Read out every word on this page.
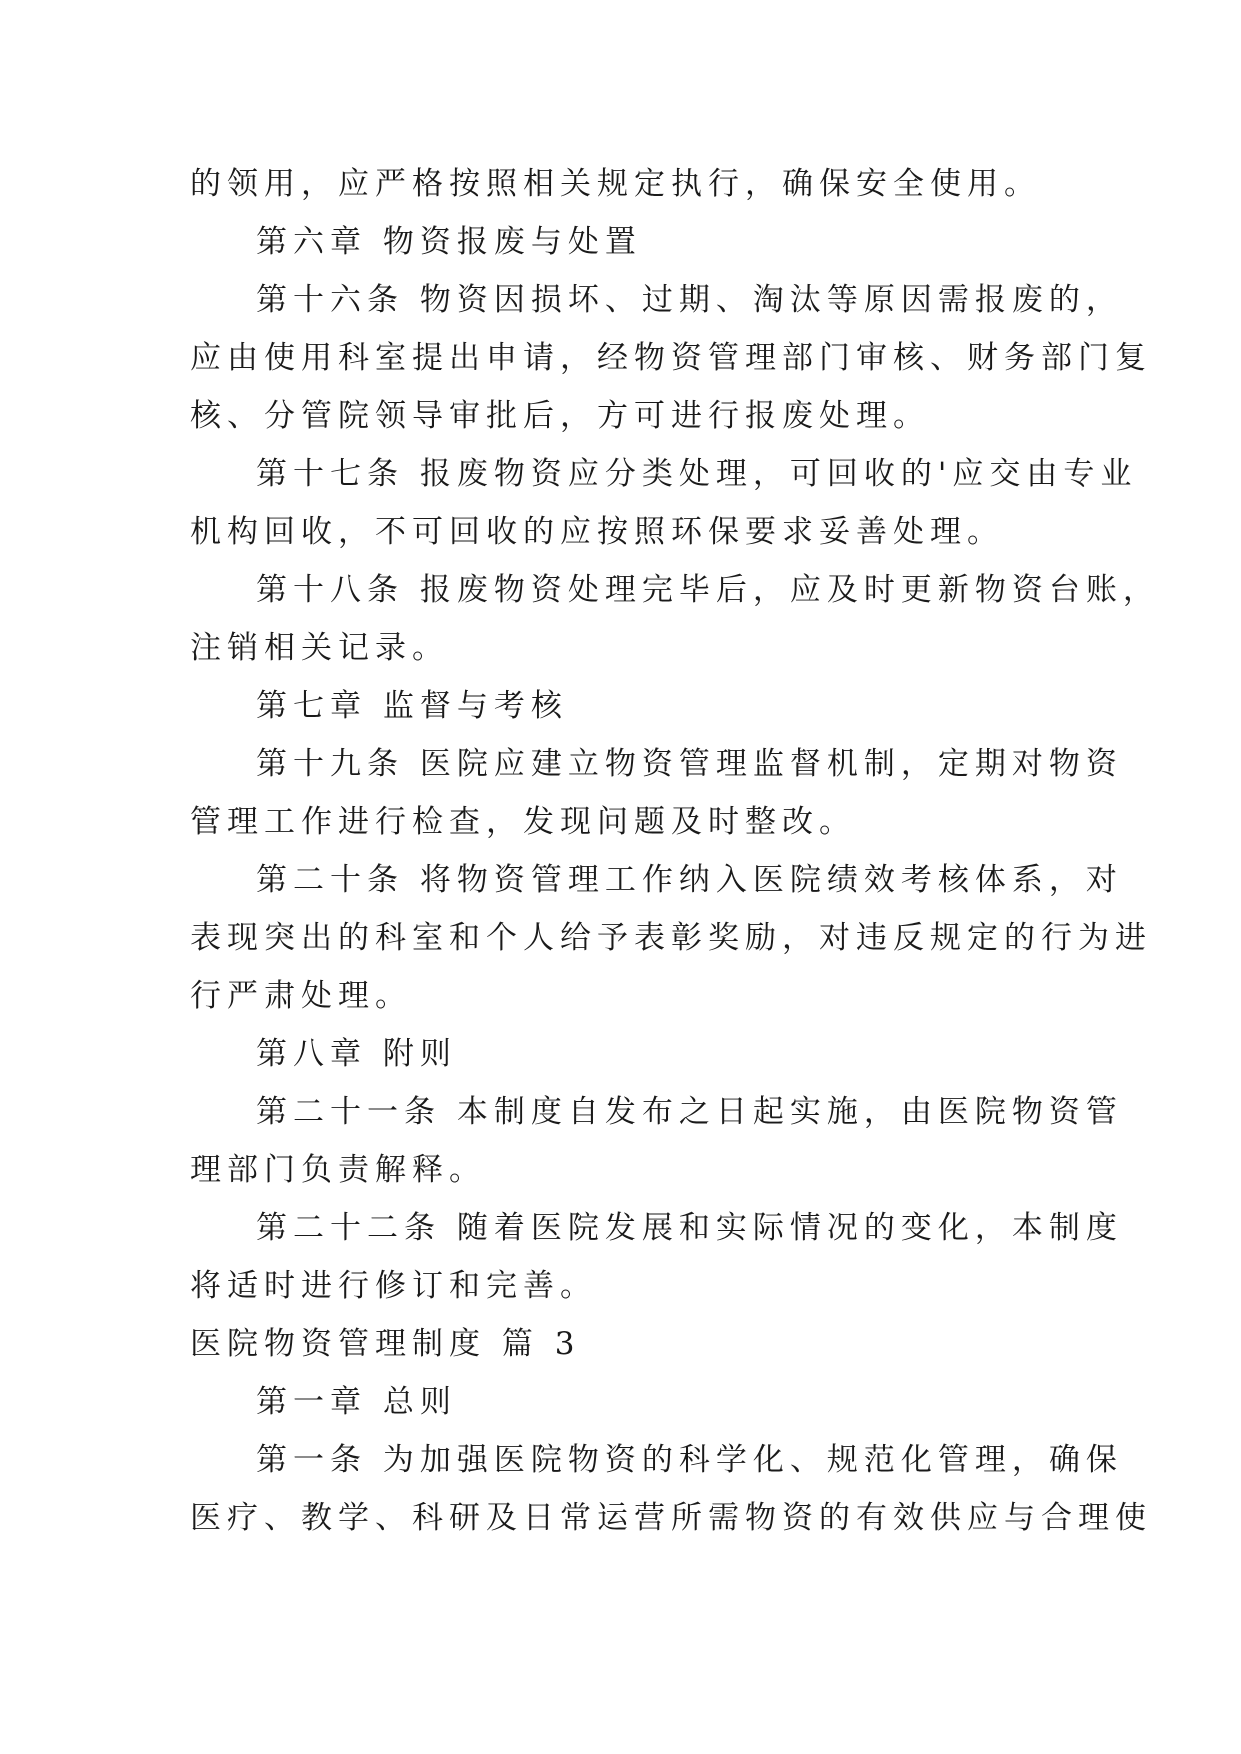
的领用，应严格按照相关规定执行，确保安全使用。
第六章 物资报废与处置
第十六条 物资因损坏、过期、淘汰等原因需报废的，
应由使用科室提出申请，经物资管理部门审核、财务部门复
核、分管院领导审批后，方可进行报废处理。
第十七条 报废物资应分类处理，可回收的'应交由专业
机构回收，不可回收的应按照环保要求妥善处理。
第十八条 报废物资处理完毕后，应及时更新物资台账，
注销相关记录。
第七章 监督与考核
第十九条 医院应建立物资管理监督机制，定期对物资
管理工作进行检查，发现问题及时整改。
第二十条 将物资管理工作纳入医院绩效考核体系，对
表现突出的科室和个人给予表彰奖励，对违反规定的行为进
行严肃处理。
第八章 附则
第二十一条 本制度自发布之日起实施，由医院物资管
理部门负责解释。
第二十二条 随着医院发展和实际情况的变化，本制度
将适时进行修订和完善。
医院物资管理制度 篇 3
第一章 总则
第一条 为加强医院物资的科学化、规范化管理，确保
医疗、教学、科研及日常运营所需物资的有效供应与合理使
